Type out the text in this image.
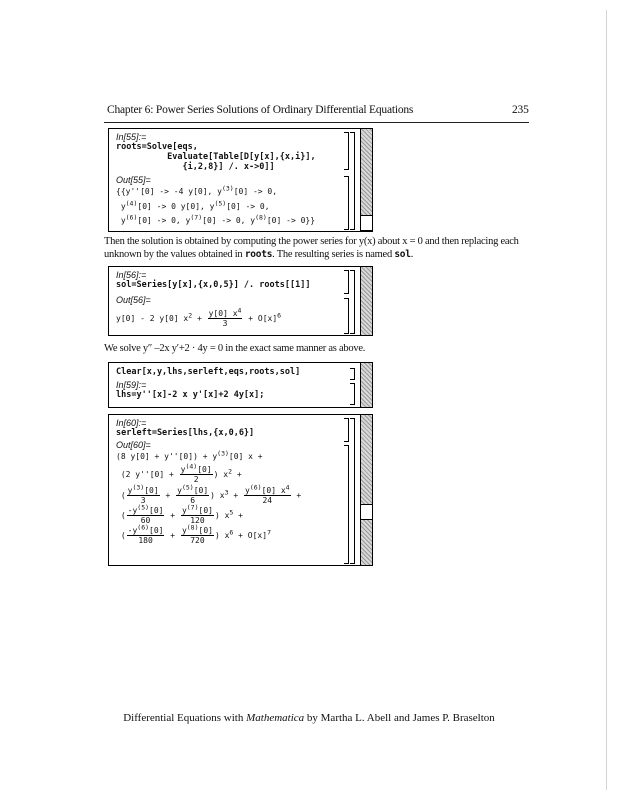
Chapter 6: Power Series Solutions of Ordinary Differential Equations	235
In[55]:=
roots=Solve[eqs,
Evaluate[Table[D[y[x],{x,i}],
{i,2,8}] /. x->0]]
Out[55]=
{{y''[0] -> -4 y[0], $y^{(3)}[0] -> 0$,
$y^{(4)}[0] -> 0$ y[0], $y^{(5)}[0] -> 0$,
$y^{(6)}[0] -> 0$, $y^{(7)}[0] -> 0$, $y^{(8)}[0] -> 0$}}
Then the solution is obtained by computing the power series for y(x) about x = 0 and then replacing each unknown by the values obtained in roots. The resulting series is named sol.
In[56]:=
sol=Series[y[x],{x,0,5}] /. roots[[1]]
Out[56]=
y[0] - 2 y[0] $x^2 + \frac{y[0] x^4}{3} + O[x]^6$
We solve y″ –2x y′+2 · 4y = 0 in the exact same manner as above.
Clear[x,y,lhs,serleft,eqs,roots,sol]
In[59]:=
lhs=y''[x]-2 x y'[x]+2 4y[x];
In[60]:=
serleft=Series[lhs,{x,0,6}]
Out[60]=
(8 $y[0] + y''[0]) + y^{(3)}[0] x$ +
(2 $y''[0] + \frac{y^{(4)}[0]}{2}$ ) $x^2$ +
( $\frac{y^{(3)}[0]}{3} + \frac{y^{(5)}[0]}{6}$ ) $x^3 + \frac{y^{(6)}[0] x^4}{24}$ +
( $\frac{-y^{(5)}[0]}{60} + \frac{y^{(7)}[0]}{120}$ ) $x^5$ +
( $\frac{-y^{(6)}[0]}{180} + \frac{y^{(8)}[0]}{720}$ ) $x^6 + O[x]^7$
Differential Equations with Mathematica by Martha L. Abell and James P. Braselton
